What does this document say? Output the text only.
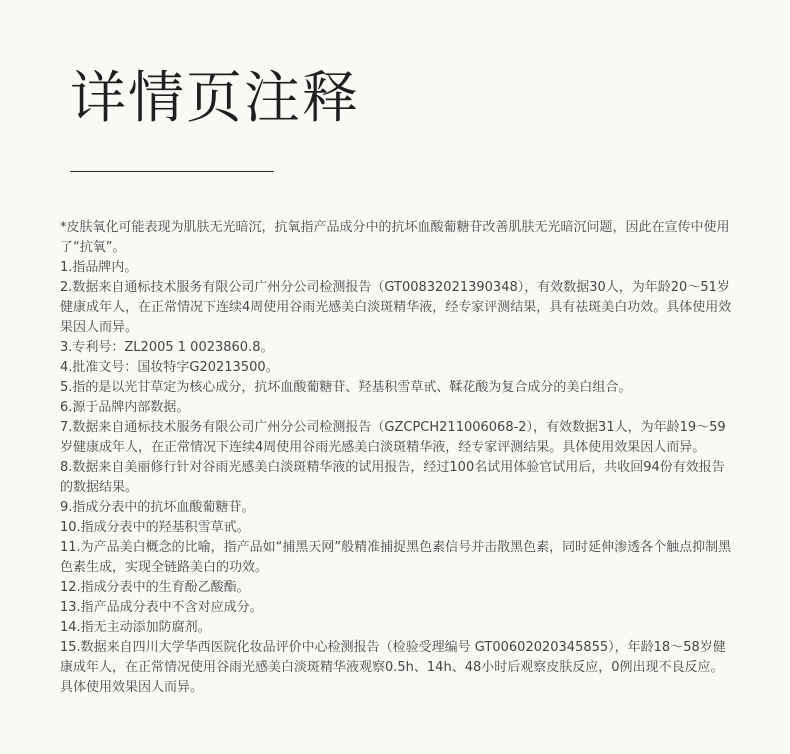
详情页注释

*皮肤氧化可能表现为肌肤无光暗沉，抗氧指产品成分中的抗坏血酸葡糖苷改善肌肤无光暗沉问题，因此在宣传中使用了“抗氧”。

1.指品牌内。

2.数据来自通标技术服务有限公司广州分公司检测报告（GT00832021390348），有效数据30人，为年龄20～51岁健康成年人，在正常情况下连续4周使用谷雨光感美白淡斑精华液，经专家评测结果，具有祛斑美白功效。具体使用效果因人而异。

3.专利号：ZL2005 1 0023860.8。

4.批准文号：国妆特字G20213500。

5.指的是以光甘草定为核心成分，抗坏血酸葡糖苷、羟基积雪草甙、鞣花酸为复合成分的美白组合。

6.源于品牌内部数据。

7.数据来自通标技术服务有限公司广州分公司检测报告（GZCPCH211006068-2），有效数据31人，为年龄19～59岁健康成年人，在正常情况下连续4周使用谷雨光感美白淡斑精华液，经专家评测结果。具体使用效果因人而异。

8.数据来自美丽修行针对谷雨光感美白淡斑精华液的试用报告，经过100名试用体验官试用后，共收回94份有效报告的数据结果。

9.指成分表中的抗坏血酸葡糖苷。

10.指成分表中的羟基积雪草甙。

11.为产品美白概念的比喻，指产品如“捕黑天网”般精准捕捉黑色素信号并击散黑色素，同时延伸渗透各个触点抑制黑色素生成，实现全链路美白的功效。

12.指成分表中的生育酚乙酸酯。

13.指产品成分表中不含对应成分。

14.指无主动添加防腐剂。

15.数据来自四川大学华西医院化妆品评价中心检测报告（检验受理编号 GT00602020345855），年龄18～58岁健康成年人，在正常情况使用谷雨光感美白淡斑精华液观察0.5h、14h、48小时后观察皮肤反应，0例出现不良反应。具体使用效果因人而异。
